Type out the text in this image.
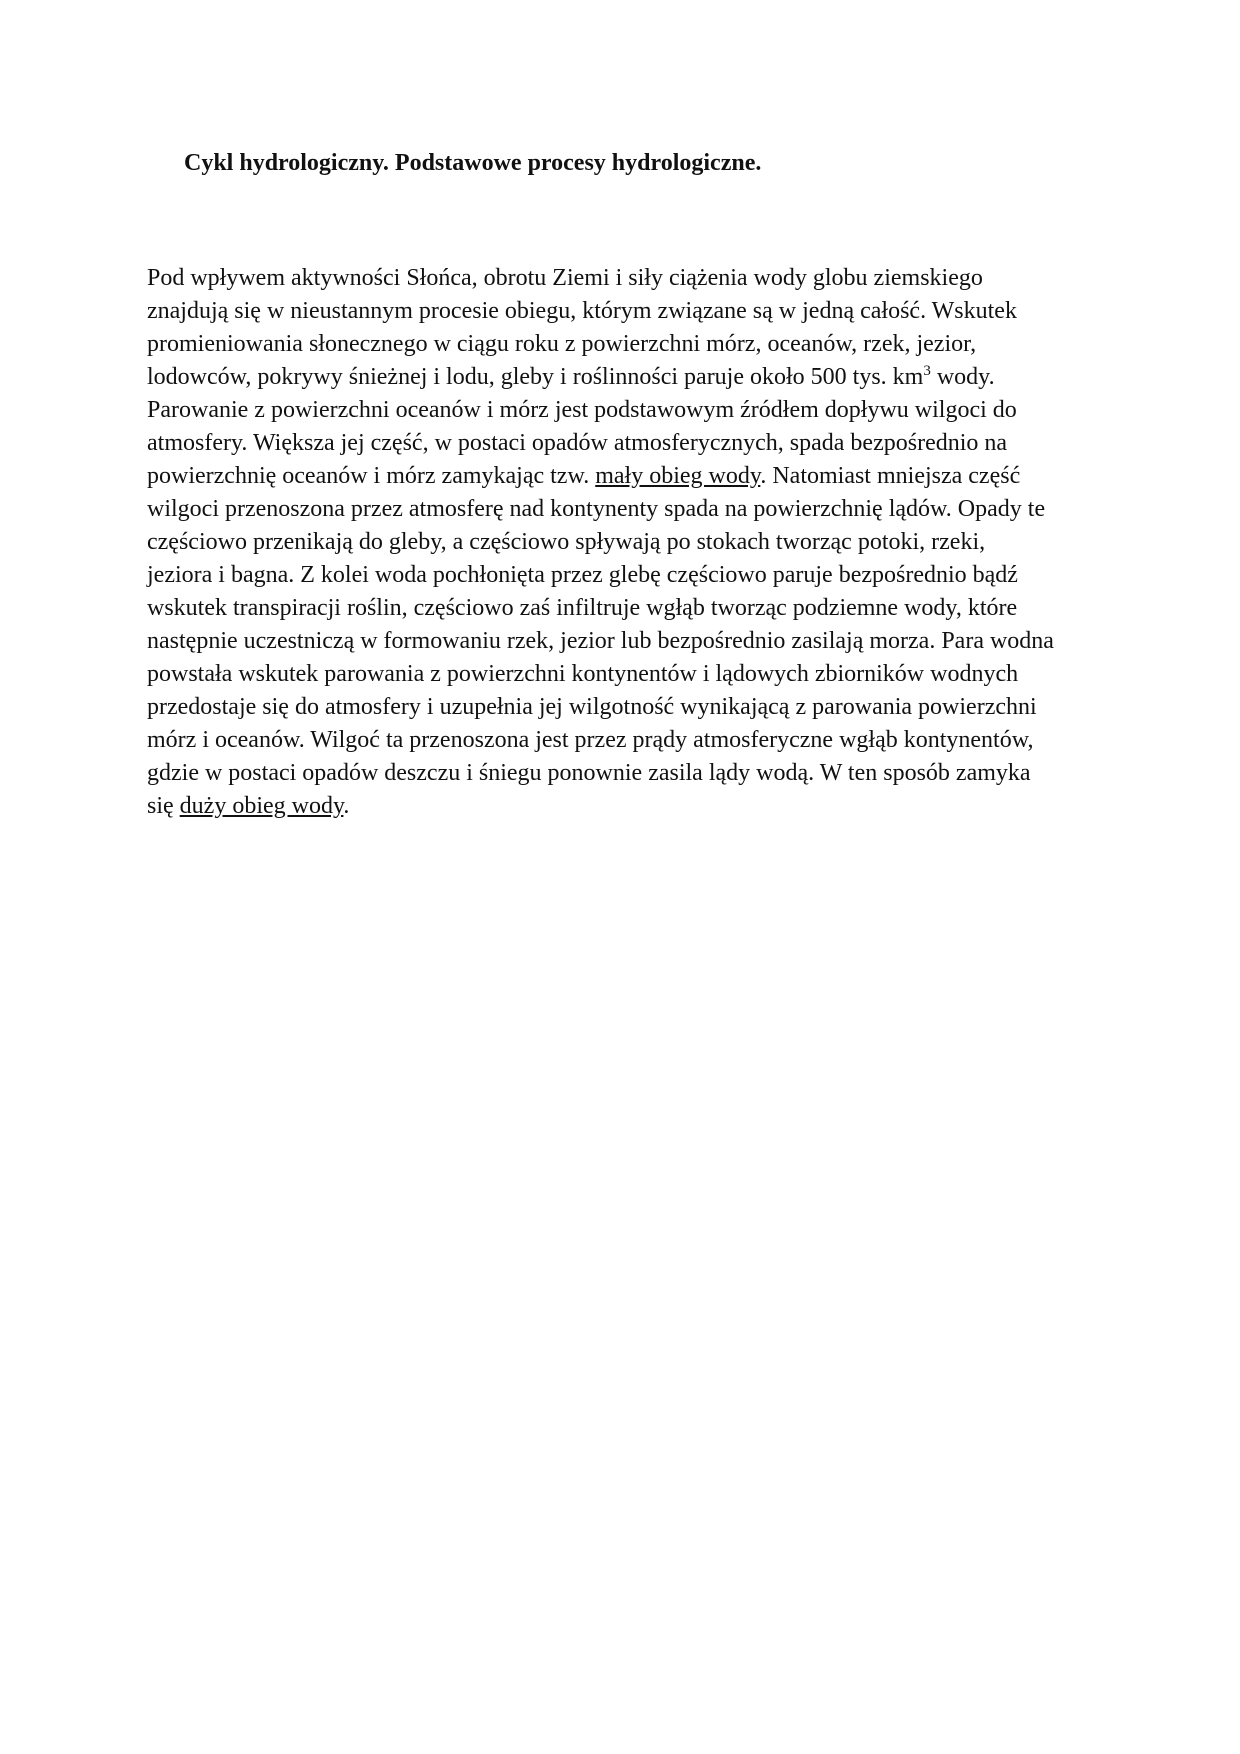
Cykl hydrologiczny. Podstawowe procesy hydrologiczne.
Pod wpływem aktywności Słońca, obrotu Ziemi i siły ciążenia wody globu ziemskiego
znajdują się w nieustannym procesie obiegu, którym związane są w jedną całość. Wskutek
promieniowania słonecznego w ciągu roku z powierzchni mórz, oceanów, rzek, jezior,
lodowców, pokrywy śnieżnej i lodu, gleby i roślinności paruje około 500 tys. $km^3$ wody.
Parowanie z powierzchni oceanów i mórz jest podstawowym źródłem dopływu wilgoci do
atmosfery. Większa jej część, w postaci opadów atmosferycznych, spada bezpośrednio na
powierzchnię oceanów i mórz zamykając tzw. mały obieg wody. Natomiast mniejsza część
wilgoci przenoszona przez atmosferę nad kontynenty spada na powierzchnię lądów. Opady te
częściowo przenikają do gleby, a częściowo spływają po stokach tworząc potoki, rzeki,
jeziora i bagna. Z kolei woda pochłonięta przez glebę częściowo paruje bezpośrednio bądź
wskutek transpiracji roślin, częściowo zaś infiltruje wgłąb tworząc podziemne wody, które
następnie uczestniczą w formowaniu rzek, jezior lub bezpośrednio zasilają morza. Para wodna
powstała wskutek parowania z powierzchni kontynentów i lądowych zbiorników wodnych
przedostaje się do atmosfery i uzupełnia jej wilgotność wynikającą z parowania powierzchni
mórz i oceanów. Wilgoć ta przenoszona jest przez prądy atmosferyczne wgłąb kontynentów,
gdzie w postaci opadów deszczu i śniegu ponownie zasila lądy wodą. W ten sposób zamyka
się duży obieg wody.
